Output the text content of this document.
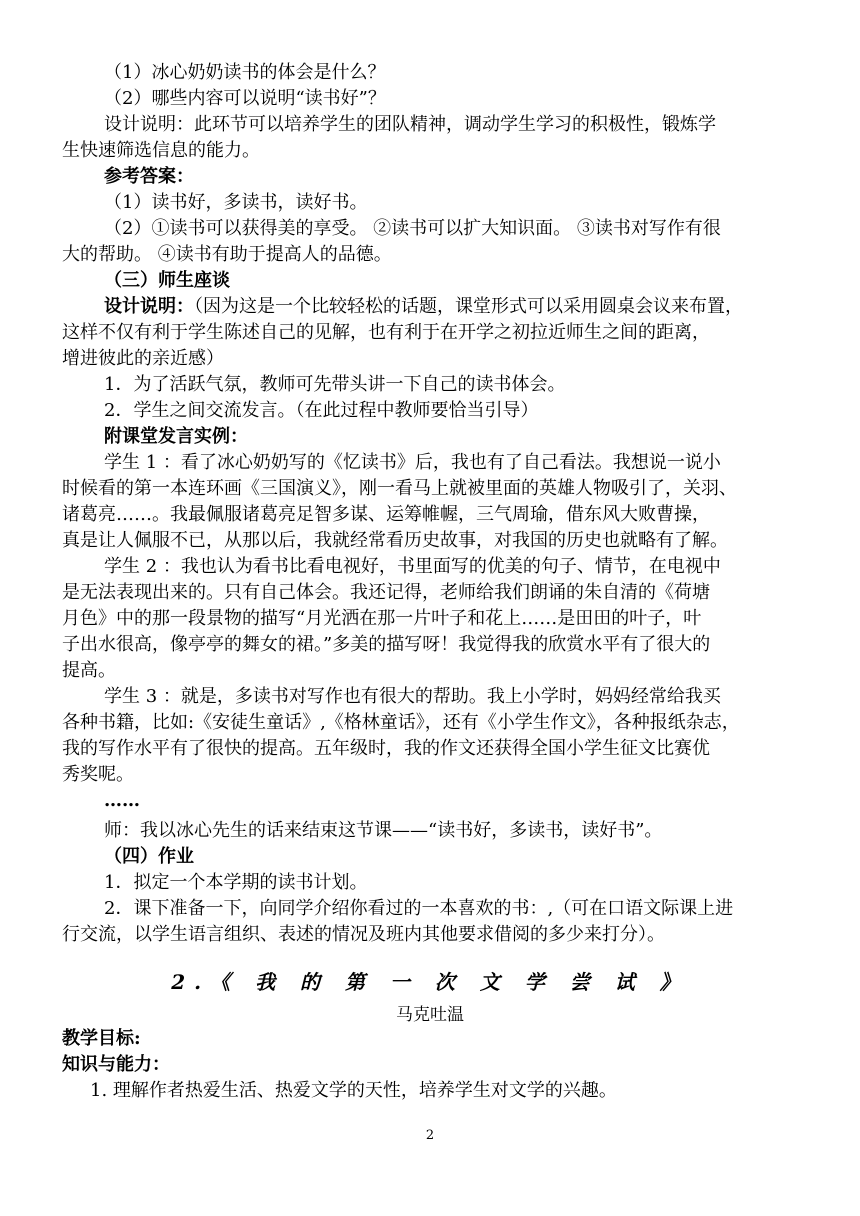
（1）冰心奶奶读书的体会是什么？
（2）哪些内容可以说明“读书好”？
设计说明：此环节可以培养学生的团队精神，调动学生学习的积极性，锻炼学
生快速筛选信息的能力。
参考答案：
（1）读书好，多读书，读好书。
（2）①读书可以获得美的享受。 ②读书可以扩大知识面。 ③读书对写作有很
大的帮助。 ④读书有助于提高人的品德。
（三）师生座谈
设计说明：（因为这是一个比较轻松的话题，课堂形式可以采用圆桌会议来布置，
这样不仅有利于学生陈述自己的见解，也有利于在开学之初拉近师生之间的距离，
增进彼此的亲近感）
1．为了活跃气氛，教师可先带头讲一下自己的读书体会。
2．学生之间交流发言。（在此过程中教师要恰当引导）
附课堂发言实例：
学生 1 ：看了冰心奶奶写的《忆读书》后，我也有了自己看法。我想说一说小
时候看的第一本连环画《三国演义》，刚一看马上就被里面的英雄人物吸引了，关羽、
诸葛亮……。我最佩服诸葛亮足智多谋、运筹帷幄，三气周瑜，借东风大败曹操，
真是让人佩服不已，从那以后，我就经常看历史故事，对我国的历史也就略有了解。
学生 2 ：我也认为看书比看电视好，书里面写的优美的句子、情节，在电视中
是无法表现出来的。只有自己体会。我还记得，老师给我们朗诵的朱自清的《荷塘
月色》中的那一段景物的描写“月光洒在那一片叶子和花上……是田田的叶子，叶
子出水很高，像亭亭的舞女的裙。”多美的描写呀！我觉得我的欣赏水平有了很大的
提高。
学生 3 ：就是，多读书对写作也有很大的帮助。我上小学时，妈妈经常给我买
各种书籍，比如:《安徒生童话》,《格林童话》，还有《小学生作文》，各种报纸杂志，
我的写作水平有了很快的提高。五年级时，我的作文还获得全国小学生征文比赛优
秀奖呢。
……
师：我以冰心先生的话来结束这节课——“读书好，多读书，读好书”。
（四）作业
1．拟定一个本学期的读书计划。
2．课下准备一下，向同学介绍你看过的一本喜欢的书：,（可在口语文际课上进
行交流，以学生语言组织、表述的情况及班内其他要求借阅的多少来打分）。
2.《 我 的 第 一 次 文 学 尝 试 》
马克吐温
教学目标:
知识与能力：
1. 理解作者热爱生活、热爱文学的天性，培养学生对文学的兴趣。
2
